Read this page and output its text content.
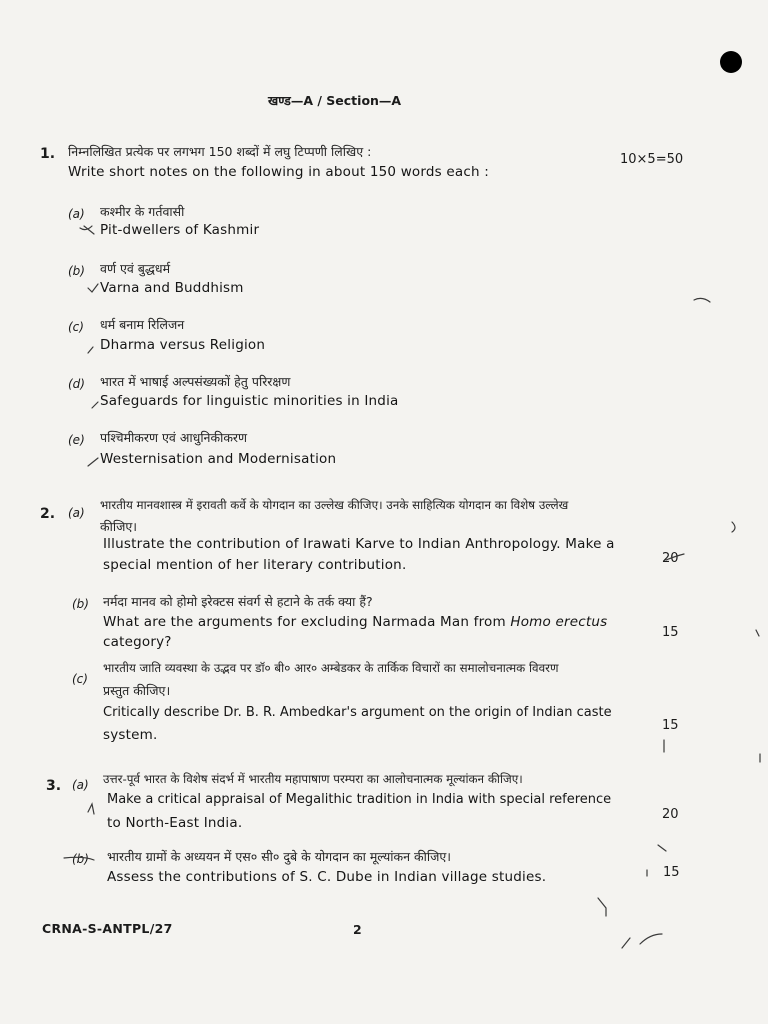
खण्ड—A / Section—A
1. निम्नलिखित प्रत्येक पर लगभग 150 शब्दों में लघु टिप्पणी लिखिए :
Write short notes on the following in about 150 words each :
10×5=50
(a) कश्मीर के गर्तवासी
Pit-dwellers of Kashmir
(b) वर्ण एवं बुद्धधर्म
Varna and Buddhism
(c) धर्म बनाम रिलिजन
Dharma versus Religion
(d) भारत में भाषाई अल्पसंख्यकों हेतु परिरक्षण
Safeguards for linguistic minorities in India
(e) पश्चिमीकरण एवं आधुनिकीकरण
Westernisation and Modernisation
2. (a)
भारतीय मानवशास्त्र में इरावती कर्वे के योगदान का उल्लेख कीजिए। उनके साहित्यिक योगदान का विशेष उल्लेख
कीजिए।
Illustrate the contribution of Irawati Karve to Indian Anthropology. Make a
special mention of her literary contribution.	20
(b) नर्मदा मानव को होमो इरेक्टस संवर्ग से हटाने के तर्क क्या हैं?
What are the arguments for excluding Narmada Man from Homo erectus
category?
15
(c)
भारतीय जाति व्यवस्था के उद्भव पर डॉ० बी० आर० अम्बेडकर के तार्किक विचारों का समालोचनात्मक विवरण
प्रस्तुत कीजिए।
Critically describe Dr. B. R. Ambedkar's argument on the origin of Indian caste
system.
15
3. (a) उत्तर-पूर्व भारत के विशेष संदर्भ में भारतीय महापाषाण परम्परा का आलोचनात्मक मूल्यांकन कीजिए।
Make a critical appraisal of Megalithic tradition in India with special reference
to North-East India.
20
(b) भारतीय ग्रामों के अध्ययन में एस० सी० दुबे के योगदान का मूल्यांकन कीजिए।
Assess the contributions of S. C. Dube in Indian village studies.	15
CRNA-S-ANTPL/27	2
